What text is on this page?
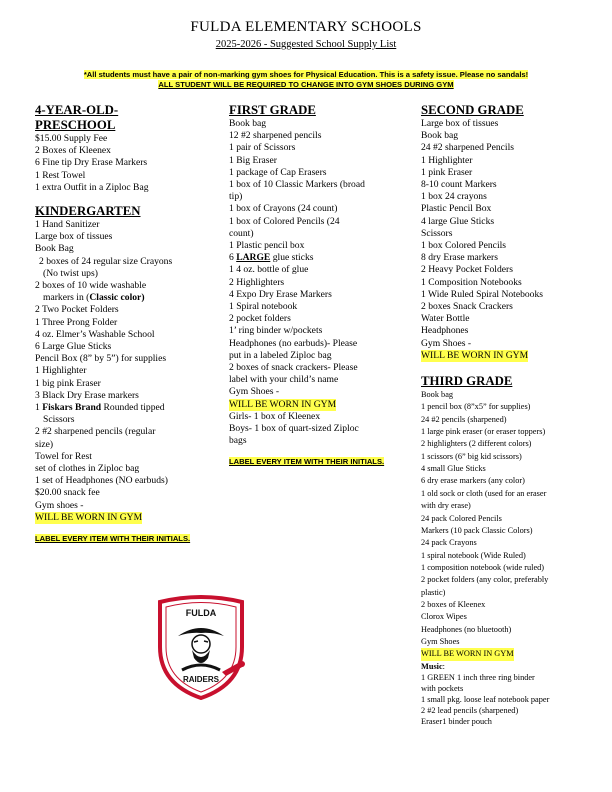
FULDA ELEMENTARY SCHOOLS
2025-2026 - Suggested School Supply List
*All students must have a pair of non-marking gym shoes for Physical Education. This is a safety issue. Please no sandals!
ALL STUDENT WILL BE REQUIRED TO CHANGE INTO GYM SHOES DURING GYM
4-YEAR-OLD-
PRESCHOOL
$15.00 Supply Fee
2 Boxes of Kleenex
6 Fine tip Dry Erase Markers
1 Rest Towel
1 extra Outfit in a Ziploc Bag
KINDERGARTEN
1 Hand Sanitizer
Large box of tissues
Book Bag
2 boxes of 24 regular size Crayons
(No twist ups)
2 boxes of 10 wide washable
markers in (Classic color)
2 Two Pocket Folders
1 Three Prong Folder
4 oz. Elmer’s Washable School
6 Large Glue Sticks
Pencil Box (8” by 5”) for supplies
1 Highlighter
1 big pink Eraser
3 Black Dry Erase markers
1 Fiskars Brand Rounded tipped
Scissors
2 #2 sharpened pencils (regular
size)
Towel for Rest
set of clothes in Ziploc bag
1 set of Headphones (NO earbuds)
$20.00 snack fee
Gym shoes -
WILL BE WORN IN GYM
LABEL EVERY ITEM WITH THEIR INITIALS.
FIRST GRADE
Book bag
12 #2 sharpened pencils
1 pair of Scissors
1 Big Eraser
1 package of Cap Erasers
1 box of 10 Classic Markers (broad
tip)
1 box of Crayons (24 count)
1 box of Colored Pencils (24
count)
1 Plastic pencil box
6 LARGE glue sticks
1 4 oz. bottle of glue
2 Highlighters
4 Expo Dry Erase Markers
1 Spiral notebook
2 pocket folders
1’ ring binder w/pockets
Headphones (no earbuds)- Please
put in a labeled Ziploc bag
2 boxes of snack crackers- Please
label with your child’s name
Gym Shoes -
WILL BE WORN IN GYM
Girls- 1 box of Kleenex
Boys- 1 box of quart-sized Ziploc
bags
LABEL EVERY ITEM WITH THEIR INITIALS.
SECOND GRADE
Large box of tissues
Book bag
24 #2 sharpened Pencils
1 Highlighter
1 pink Eraser
8-10 count Markers
1 box 24 crayons
Plastic Pencil Box
4 large Glue Sticks
Scissors
1 box Colored Pencils
8 dry Erase markers
2 Heavy Pocket Folders
1 Composition Notebooks
1 Wide Ruled Spiral Notebooks
2 boxes Snack Crackers
Water Bottle
Headphones
Gym Shoes -
WILL BE WORN IN GYM
THIRD GRADE
Book bag
1 pencil box (8”x5” for supplies)
24 #2 pencils (sharpened)
1 large pink eraser (or eraser toppers)
2 highlighters (2 different colors)
1 scissors (6” big kid scissors)
4 small Glue Sticks
6 dry erase markers (any color)
1 old sock or cloth (used for an eraser
with dry erase)
24 pack Colored Pencils
Markers (10 pack Classic Colors)
24 pack Crayons
1 spiral notebook (Wide Ruled)
1 composition notebook (wide ruled)
2 pocket folders (any color, preferably
plastic)
2 boxes of Kleenex
Clorox Wipes
Headphones (no bluetooth)
Gym Shoes
WILL BE WORN IN GYM
Music:
1 GREEN 1 inch three ring binder
with pockets
1 small pkg. loose leaf notebook paper
2 #2 lead pencils (sharpened)
Eraser1 binder pouch
FULDA
RAIDERS
